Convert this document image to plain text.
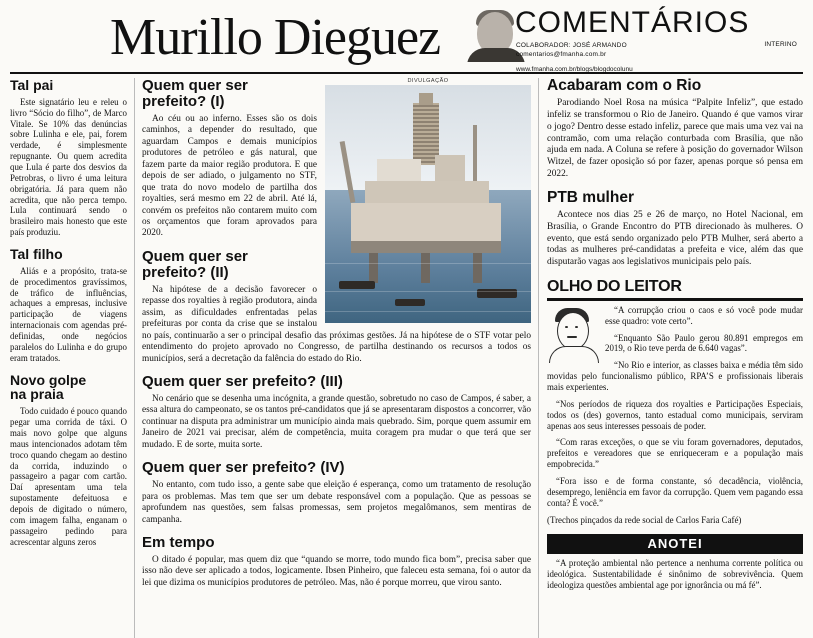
Murillo Dieguez COMENTÁRIOS
COLABORADOR: JOSÉ ARMANDO
comentarios@fmanha.com.br
INTERINO
www.fmanha.com.br/blogs/blogdocolunu
Tal pai

Este signatário leu e releu o livro “Sócio do filho”, de Marco Vitale. Se 10% das denúncias sobre Lulinha e ele, pai, forem verdade, é simplesmente repugnante. Ou quem acredita que Lula é parte dos desvios da Petrobras, o livro é uma leitura obrigatória. Já para quem não acredita, que não perca tempo. Lula continuará sendo o brasileiro mais honesto que este país produziu.

Tal filho

Aliás e a propósito, trata-se de procedimentos gravíssimos, de tráfico de influências, achaques a empresas, inclusive participação de viagens internacionais com agendas pré-definidas, onde negócios paralelos do Lulinha e do grupo eram tratados.

Novo golpe
na praia

Todo cuidado é pouco quando pegar uma corrida de táxi. O mais novo golpe que alguns maus intencionados adotam têm troco quando chegam ao destino da corrida, induzindo o passageiro a pagar com cartão. Daí apresentam uma tela supostamente defeituosa e depois de digitado o número, com imagem falha, enganam o passageiro pedindo para acrescentar alguns zeros

DIVULGAÇÃO
Quem quer ser
prefeito? (I)

Ao céu ou ao inferno. Esses são os dois caminhos, a depender do resultado, que aguardam Campos e demais municípios produtores de petróleo e gás natural, que fazem parte da maior região produtora. E que depois de ser adiado, o julgamento no STF, que trata do novo modelo de partilha dos royalties, será mesmo em 22 de abril. Até lá, convém os prefeitos não contarem muito com os orçamentos que foram aprovados para 2020.

Quem quer ser
prefeito? (II)

Na hipótese de a decisão favorecer o repasse dos royalties à região produtora, ainda assim, as dificuldades enfrentadas pelas prefeituras por conta da crise que se instalou no país, continuarão a ser o principal desafio das próximas gestões. Já na hipótese de o STF votar pelo entendimento do projeto aprovado no Congresso, de partilha destinando os recursos a todos os municípios, será a decretação da falência do estado do Rio.

Quem quer ser prefeito? (III)

No cenário que se desenha uma incógnita, a grande questão, sobretudo no caso de Campos, é saber, a essa altura do campeonato, se os tantos pré-candidatos que já se apresentaram dispostos a concorrer, vão continuar na disputa pra administrar um município ainda mais quebrado. Sim, porque quem assumir em Janeiro de 2021 vai precisar, além de competência, muita coragem pra mudar o que terá que ser mudado. E de sorte, muita sorte.

Quem quer ser prefeito? (IV)

No entanto, com tudo isso, a gente sabe que eleição é esperança, como um tratamento de resolução para os problemas. Mas tem que ser um debate responsável com a população. Que as pessoas se aprofundem nas questões, sem falsas promessas, sem projetos megalômanos, sem mentiras de campanha.

Em tempo

O ditado é popular, mas quem diz que “quando se morre, todo mundo fica bom”, precisa saber que isso não deve ser aplicado a todos, logicamente. Ibsen Pinheiro, que faleceu esta semana, foi o autor da lei que dizima os municípios produtores de petróleo. Mas, não é porque morreu, que virou santo.

Acabaram com o Rio

Parodiando Noel Rosa na música “Palpite Infeliz”, que estado infeliz se transformou o Rio de Janeiro. Quando é que vamos virar o jogo? Dentro desse estado infeliz, parece que mais uma vez vai na contramão, com uma relação conturbada com Brasília, que não ajuda em nada. A Coluna se refere à posição do governador Wilson Witzel, de fazer oposição só por fazer, apenas porque só pensa em 2022.

PTB mulher

Acontece nos dias 25 e 26 de março, no Hotel Nacional, em Brasília, o Grande Encontro do PTB direcionado às mulheres. O evento, que está sendo organizado pelo PTB Mulher, será aberto a todas as mulheres pré-candidatas a prefeita e vice, além das que disputarão vagas aos legislativos municipais pelo país.

OLHO DO LEITOR

“A corrupção criou o caos e só você pode mudar esse quadro: vote certo”.

“Enquanto São Paulo gerou 80.891 empregos em 2019, o Rio teve perda de 6.640 vagas”.

“No Rio e interior, as classes baixa e média têm sido movidas pelo funcionalismo público, RPA’S e profissionais liberais mais experientes.

“Nos períodos de riqueza dos royalties e Participações Especiais, todos os (des) governos, tanto estadual como municipais, serviram apenas aos seus interesses pessoais de poder.

“Com raras exceções, o que se viu foram governadores, deputados, prefeitos e vereadores que se enriqueceram e a população mais empobrecida.”

“Fora isso e de forma constante, só decadência, violência, desemprego, leniência em favor da corrupção. Quem vem pagando essa conta? É você.”

(Trechos pinçados da rede social de Carlos Faria Café)

ANOTEI

“A proteção ambiental não pertence a nenhuma corrente política ou ideológica. Sustentabilidade é sinônimo de sobrevivência. Quem ideologiza questões ambiental age por ignorância ou má fé”.
